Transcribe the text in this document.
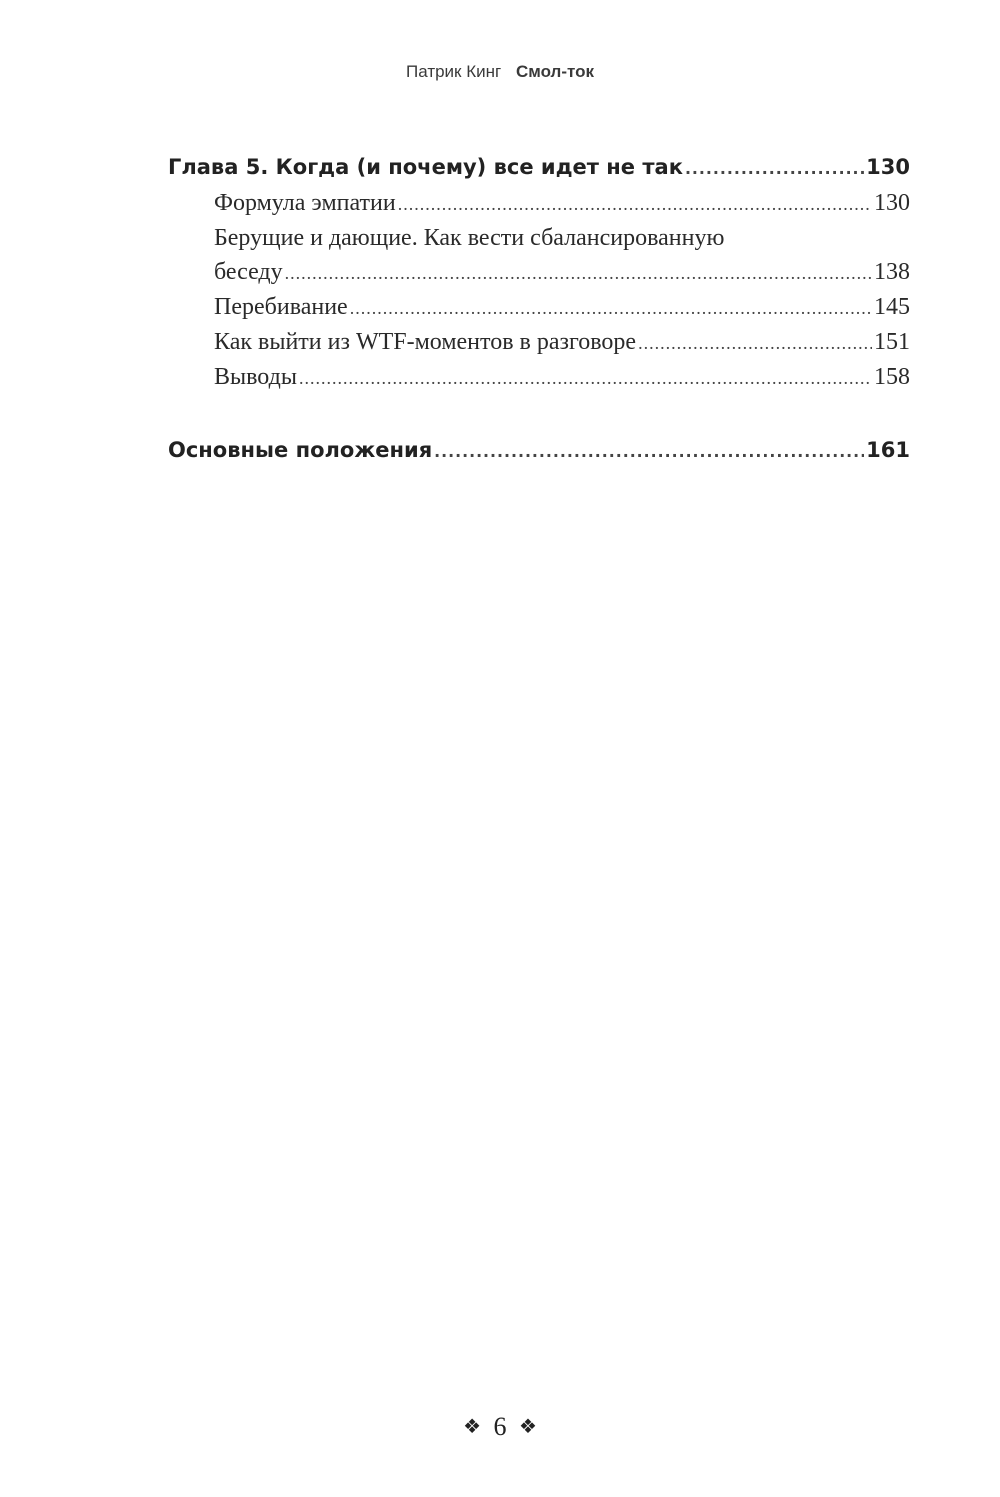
Патрик Кинг Смол-ток
Глава 5. Когда (и почему) все идет не так .....	130
Формула эмпатии .....	130
Берущие и дающие. Как вести сбалансированную
беседу .....	138
Перебивание .....	145
Как выйти из WTF-моментов в разговоре .....	151
Выводы .....	158
Основные положения .....	161
❖ 6 ❖
